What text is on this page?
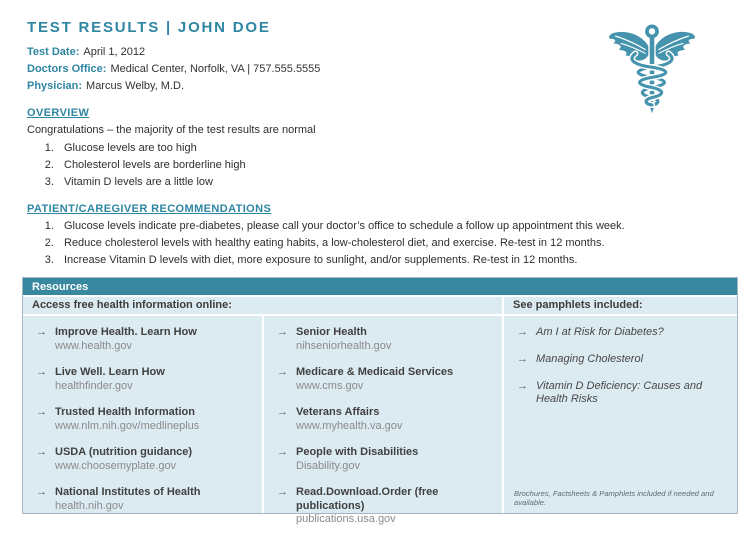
TEST RESULTS | JOHN DOE
Test Date: April 1, 2012
Doctors Office: Medical Center, Norfolk, VA | 757.555.5555
Physician: Marcus Welby, M.D.
OVERVIEW
Congratulations – the majority of the test results are normal
1. Glucose levels are too high
2. Cholesterol levels are borderline high
3. Vitamin D levels are a little low
PATIENT/CAREGIVER RECOMMENDATIONS
1. Glucose levels indicate pre-diabetes, please call your doctor’s office to schedule a follow up appointment this week.
2. Reduce cholesterol levels with healthy eating habits, a low-cholesterol diet, and exercise. Re-test in 12 months.
3. Increase Vitamin D levels with diet, more exposure to sunlight, and/or supplements. Re-test in 12 months.
Resources
Access free health information online:	See pamphlets included:
→ Improve Health. Learn How
www.health.gov
→ Live Well. Learn How
healthfinder.gov
→ Trusted Health Information
www.nlm.nih.gov/medlineplus
→ USDA (nutrition guidance)
www.choosemyplate.gov
→ National Institutes of Health
health.nih.gov
→ Senior Health
nihseniorhealth.gov
→ Medicare & Medicaid Services
www.cms.gov
→ Veterans Affairs
www.myhealth.va.gov
→ People with Disabilities
Disability.gov
→ Read.Download.Order (free publications)
publications.usa.gov
→ Am I at Risk for Diabetes?
→ Managing Cholesterol
→ Vitamin D Deficiency: Causes and Health Risks
Brochures, Factsheets & Pamphlets included if needed and available.
